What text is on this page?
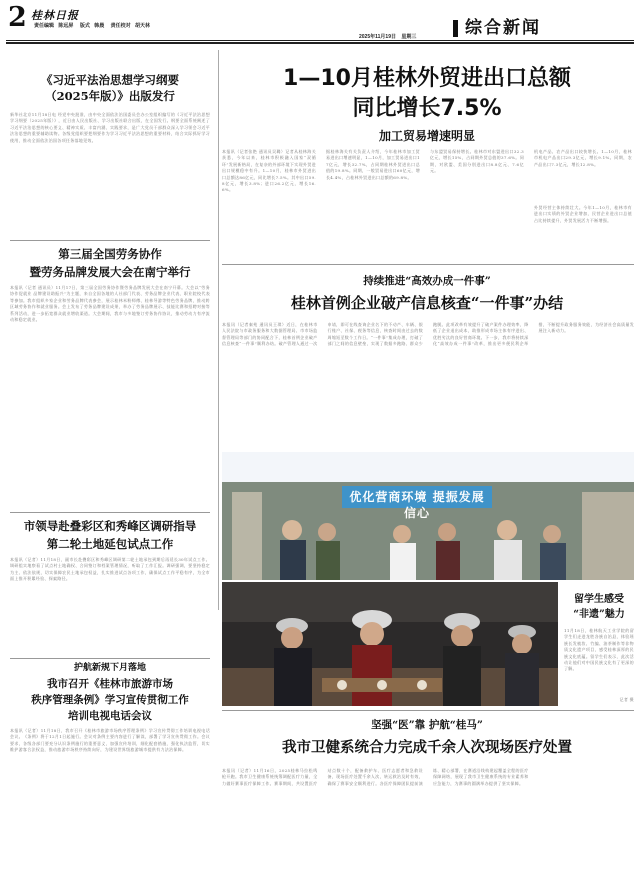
2 桂林日报
责任编辑 陈远屏 版式 韩晨 责任校对 胡天林
2025年11月19日 星期三	综合新闻
《习近平法治思想学习纲要
（2025年版）》出版发行
新华社北京11月18日电 经党中央批准，由中央全面依法治国委员会办公室组织编写的《习近平法治思想学习纲要（2025年版）》，近日由人民出版社、学习出版社联合出版，在全国发行。纲要全面系统阐述了习近平法治思想的核心要义、精神实质、丰富内涵、实践要求，是广大党员干部群众深入学习领会习近平法治思想的重要辅助读物。各级党组织要把纲要作为学习习近平法治思想的重要材料，结合实际抓好学习使用，推动全面依法治国各项任务落地见效。
第三届全国劳务协作
暨劳务品牌发展大会在南宁举行
本报讯（记者 通讯员）11月17日，第三届全国劳务协作暨劳务品牌发展大会在南宁开幕。大会以“劳务协作促就业 品牌建设助振兴”为主题，来自全国各地的人社部门代表、劳务品牌企业代表、职业院校代表等参加。我市组织多家企业和劳务品牌代表参会，展示桂林米粉师傅、桂林导游等特色劳务品牌，推动跨区域劳务协作和就业服务。会上发布了劳务品牌建设成果，举办了劳务品牌展示、技能比赛和招聘对接等系列活动，进一步拓宽群众就业增收渠道。大会期间，我市与多地签订劳务协作协议，推动劳动力有序流动和稳定就业。
市领导赴叠彩区和秀峰区调研指导
第二轮土地延包试点工作
本报讯（记者）11月18日，副市长赴叠彩区和秀峰区调研第二轮土地承包到期后再延长30年试点工作。调研组实地察看了试点村土地确权、合同签订和档案管理情况，听取了工作汇报。调研强调，要坚持稳定为主、依法依规，切实保障农民土地承包权益，扎实推进试点各项工作，确保试点工作平稳有序，为全市面上推开积累经验、探索路径。
护航新规下月落地
我市召开《桂林市旅游市场
秩序管理条例》学习宣传贯彻工作
培训电视电话会议
本报讯（记者）11月18日，我市召开《桂林市旅游市场秩序管理条例》学习宣传贯彻工作培训电视电话会议。《条例》将于12月1日起施行。会议对条例主要内容进行了解读，部署了学习宣传贯彻工作。会议要求，各级各部门要充分认识条例施行的重要意义，加强宣传培训，细化配套措施，强化执法监管，切实维护游客合法权益，推动旅游市场秩序持续向好，为建设世界级旅游城市提供有力法治保障。
1—10月桂林外贸进出口总额
同比增长7.5%
加工贸易增速明显
本报讯（记者张艳 通讯员吴璐）记者从桂林海关获悉，今年以来，桂林市积极融入国家“双循环”发展新格局，在复杂的外部环境下实现外贸进出口规模稳中有升。1—10月，桂林市外贸进出口总额达86亿元，同比增长7.5%。其中出口59.8亿元，增长3.8%；进口26.2亿元，增长16.6%。
据桂林海关有关负责人介绍，今年桂林市加工贸易进出口增速明显，1—10月，加工贸易进出口17亿元，增长32.7%，占同期桂林外贸进出口总值的19.8%。同期，一般贸易进出口60亿元，增长4.4%，占桂林外贸进出口总额的69.8%。
与东盟贸易保持增长。桂林市对东盟进出口32.3亿元，增长15%，占同期外贸总值的37.6%。同期，对欧盟、美国分别进出口8.8亿元、7.6亿元。
机电产品、农产品出口较快增长。1—10月，桂林市机电产品出口29.3亿元，增长9.1%。同期，农产品出口7.3亿元，增长12.8%。
外贸经营主体持续壮大。今年1—10月，桂林市有进出口实绩的外贸企业增加，民营企业进出口总值占比持续提升，外贸发展活力不断增强。
持续推进“高效办成一件事”
桂林首例企业破产信息核查“一件事”办结
本报讯（记者秦苑 通讯员王琪）近日，在桂林市人民法院与市政务服务和大数据管理局、市市场监督管理局等部门的协同配合下，桂林首例企业破产信息核查“一件事”顺利办结。破产管理人通过一次申请，即可在线查询企业名下的不动产、车辆、银行账户、社保、税务等信息，核查时间由过去的数周缩短至数个工作日。“一件事”集成办理，打破了部门之间的信息壁垒，实现了数据多跑路、群众少跑腿。此项改革有效提升了破产案件办理效率，降低了企业退出成本，助推形成市场主体有序进出、优胜劣汰的良好营商环境。下一步，我市将持续深化“高效办成一件事”改革，推出更多便民利企举措，不断提升政务服务效能，为经济社会高质量发展注入新动力。
优化营商环境 提振发展信心
留学生感受
“非遗”魅力
11月18日，桂林航天工业学院的留学生们走进龙胜各族自治县，体验瑶族长发梳妆、竹编、油茶制作等非物质文化遗产项目，感受桂林深厚的民族文化底蕴。留学生们表示，此次活动让他们对中国民族文化有了更深的了解。
记者 摄
坚强“医”靠 护航“桂马”
我市卫健系统合力完成千余人次现场医疗处置
本报讯（记者）11月16日，2025桂林马拉松鸣枪开跑。我市卫生健康系统统筹调配医疗力量，全力做好赛事医疗保障工作。赛事期间，共设置医疗站点数十个，配备救护车、医疗志愿者和急救设备，现场医疗处置千余人次，转运救治及时有效，确保了赛事安全顺利进行。各医疗保障团队提前演练、精心部署，在赛道沿线构建起覆盖全程的医疗保障网络，展现了我市卫生健康系统的专业素养和应急能力，为赛事的圆满举办提供了坚实保障。
